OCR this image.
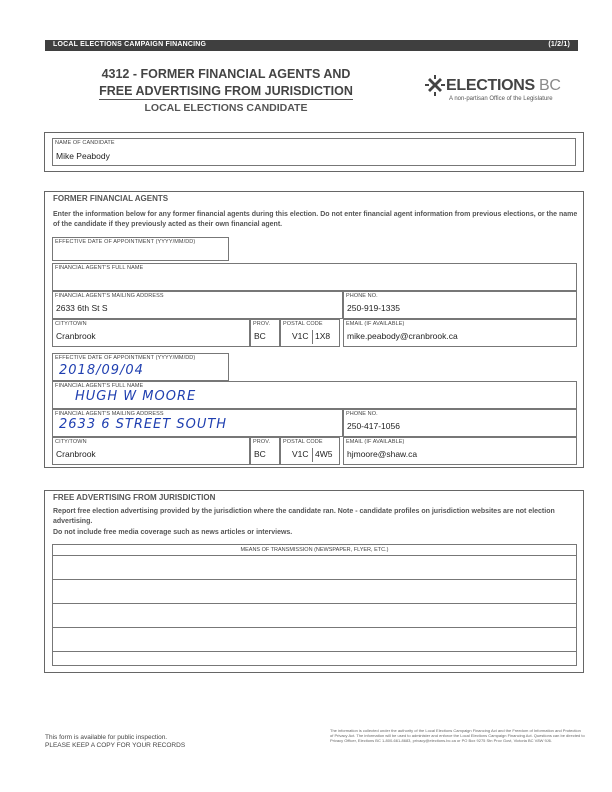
LOCAL ELECTIONS CAMPAIGN FINANCING	(1/2/1)
4312 - FORMER FINANCIAL AGENTS AND
FREE ADVERTISING FROM JURISDICTION
LOCAL ELECTIONS CANDIDATE
ELECTIONS BC
A non-partisan Office of the Legislature
NAME OF CANDIDATE
Mike Peabody
FORMER FINANCIAL AGENTS
Enter the information below for any former financial agents during this election. Do not enter financial agent information from previous elections, or the name of the candidate if they previously acted as their own financial agent.
EFFECTIVE DATE OF APPOINTMENT (YYYY/MM/DD)
FINANCIAL AGENT'S FULL NAME
FINANCIAL AGENT'S MAILING ADDRESS
2633 6th St S
PHONE NO.
250-919-1335
CITY/TOWN
Cranbrook
PROV.
BC
POSTAL CODE
V1C 1X8
EMAIL (IF AVAILABLE)
mike.peabody@cranbrook.ca
EFFECTIVE DATE OF APPOINTMENT (YYYY/MM/DD)
2018/09/04
FINANCIAL AGENT'S FULL NAME
HUGH W MOORE
FINANCIAL AGENT'S MAILING ADDRESS
2633 6 STREET SOUTH
PHONE NO.
250-417-1056
CITY/TOWN
Cranbrook
PROV.
BC
POSTAL CODE
V1C 4W5
EMAIL (IF AVAILABLE)
hjmoore@shaw.ca
FREE ADVERTISING FROM JURISDICTION
Report free election advertising provided by the jurisdiction where the candidate ran. Note - candidate profiles on jurisdiction websites are not election advertising.
Do not include free media coverage such as news articles or interviews.
MEANS OF TRANSMISSION (NEWSPAPER, FLYER, ETC.)
This form is available for public inspection.
PLEASE KEEP A COPY FOR YOUR RECORDS
The information is collected under the authority of the Local Elections Campaign Financing Act and the Freedom of Information and Protection of Privacy Act. The information will be used to administer and enforce the Local Elections Campaign Financing Act. Questions can be directed to Privacy Officer, Elections BC 1-800-661-8683, privacy@elections.bc.ca or PO Box 9275 Stn Prov Govt, Victoria BC V8W 9J6.
